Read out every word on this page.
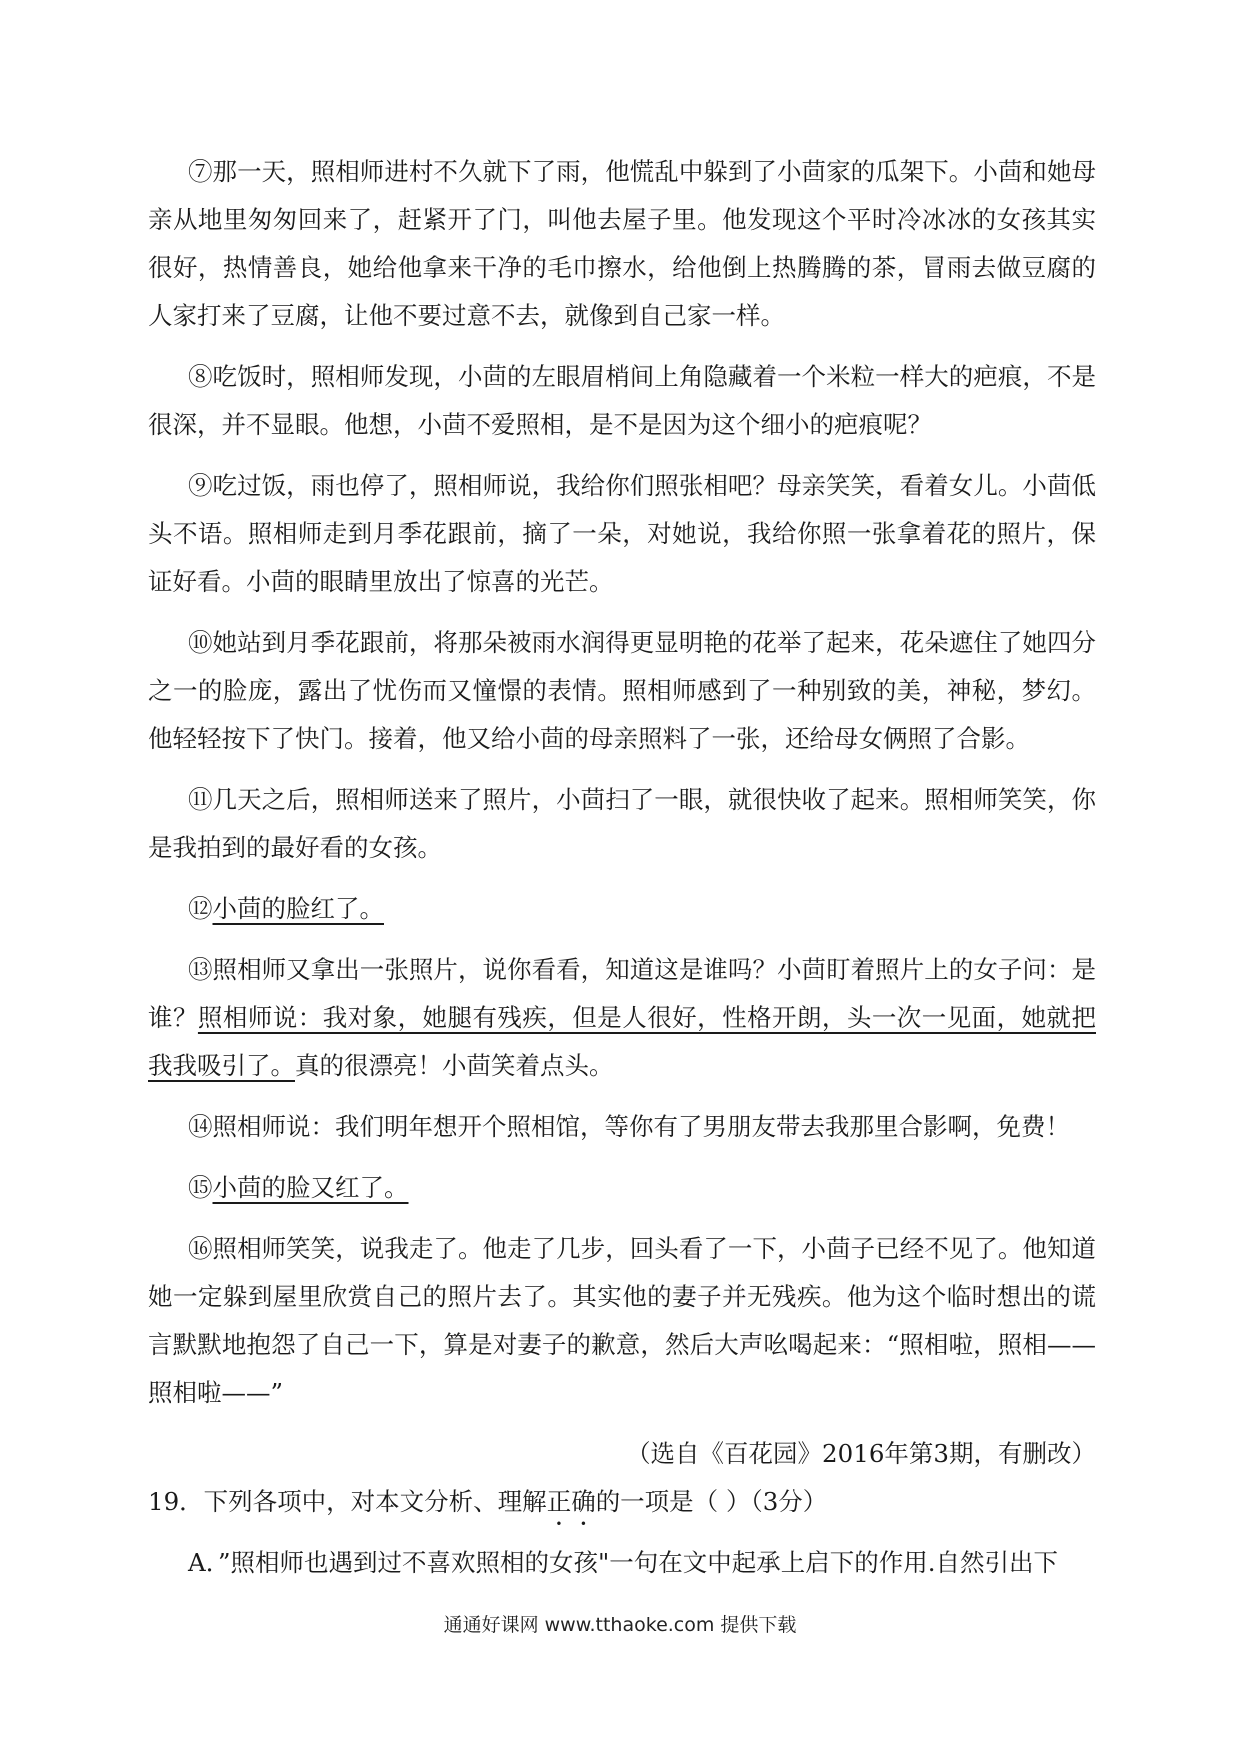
⑦那一天，照相师进村不久就下了雨，他慌乱中躲到了小茴家的瓜架下。小茴和她母亲从地里匆匆回来了，赶紧开了门，叫他去屋子里。他发现这个平时冷冰冰的女孩其实很好，热情善良，她给他拿来干净的毛巾擦水，给他倒上热腾腾的茶，冒雨去做豆腐的人家打来了豆腐，让他不要过意不去，就像到自己家一样。

⑧吃饭时，照相师发现，小茴的左眼眉梢间上角隐藏着一个米粒一样大的疤痕，不是很深，并不显眼。他想，小茴不爱照相，是不是因为这个细小的疤痕呢？

⑨吃过饭，雨也停了，照相师说，我给你们照张相吧？母亲笑笑，看着女儿。小茴低头不语。照相师走到月季花跟前，摘了一朵，对她说，我给你照一张拿着花的照片，保证好看。小茴的眼睛里放出了惊喜的光芒。

⑩她站到月季花跟前，将那朵被雨水润得更显明艳的花举了起来，花朵遮住了她四分之一的脸庞，露出了忧伤而又憧憬的表情。照相师感到了一种别致的美，神秘，梦幻。他轻轻按下了快门。接着，他又给小茴的母亲照料了一张，还给母女俩照了合影。

⑪几天之后，照相师送来了照片，小茴扫了一眼，就很快收了起来。照相师笑笑，你是我拍到的最好看的女孩。

⑫小茴的脸红了。

⑬照相师又拿出一张照片，说你看看，知道这是谁吗？小茴盯着照片上的女子问：是谁？照相师说：我对象，她腿有残疾，但是人很好，性格开朗，头一次一见面，她就把我我吸引了。真的很漂亮！小茴笑着点头。

⑭照相师说：我们明年想开个照相馆，等你有了男朋友带去我那里合影啊，免费！

⑮小茴的脸又红了。

⑯照相师笑笑，说我走了。他走了几步，回头看了一下，小茴子已经不见了。他知道她一定躲到屋里欣赏自己的照片去了。其实他的妻子并无残疾。他为这个临时想出的谎言默默地抱怨了自己一下，算是对妻子的歉意，然后大声吆喝起来：“照相啦，照相——照相啦——”

（选自《百花园》2016年第3期，有删改）

19．下列各项中，对本文分析、理解正确的一项是（ ）（3分）

A．”照相师也遇到过不喜欢照相的女孩"一句在文中起承上启下的作用.自然引出下

通通好课网 www.tthaoke.com 提供下载
